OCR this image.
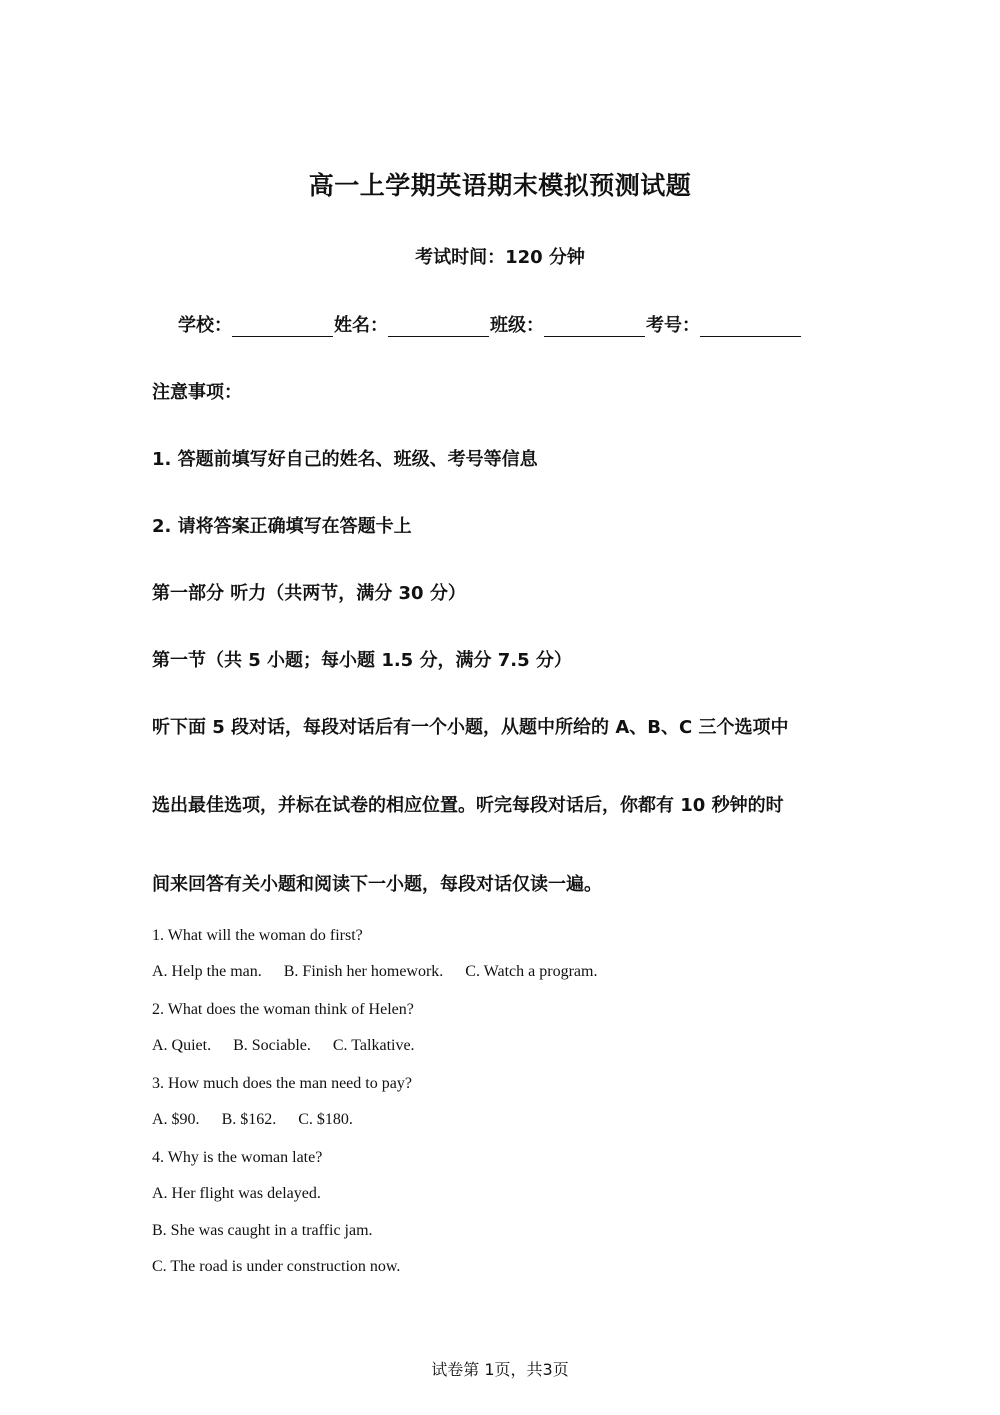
高一上学期英语期末模拟预测试题
考试时间：120 分钟
学校：	姓名：	班级：	考号：
注意事项：
1. 答题前填写好自己的姓名、班级、考号等信息
2. 请将答案正确填写在答题卡上
第一部分 听力（共两节，满分 30 分）
第一节（共 5 小题；每小题 1.5 分，满分 7.5 分）
听下面 5 段对话，每段对话后有一个小题，从题中所给的 A、B、C 三个选项中
选出最佳选项，并标在试卷的相应位置。听完每段对话后，你都有 10 秒钟的时
间来回答有关小题和阅读下一小题，每段对话仅读一遍。
1. What will the woman do first?
A. Help the man. B. Finish her homework. C. Watch a program.
2. What does the woman think of Helen?
A. Quiet. B. Sociable. C. Talkative.
3. How much does the man need to pay?
A. $90. B. $162. C. $180.
4. Why is the woman late?
A. Her flight was delayed.
B. She was caught in a traffic jam.
C. The road is under construction now.
试卷第 1页，共3页
